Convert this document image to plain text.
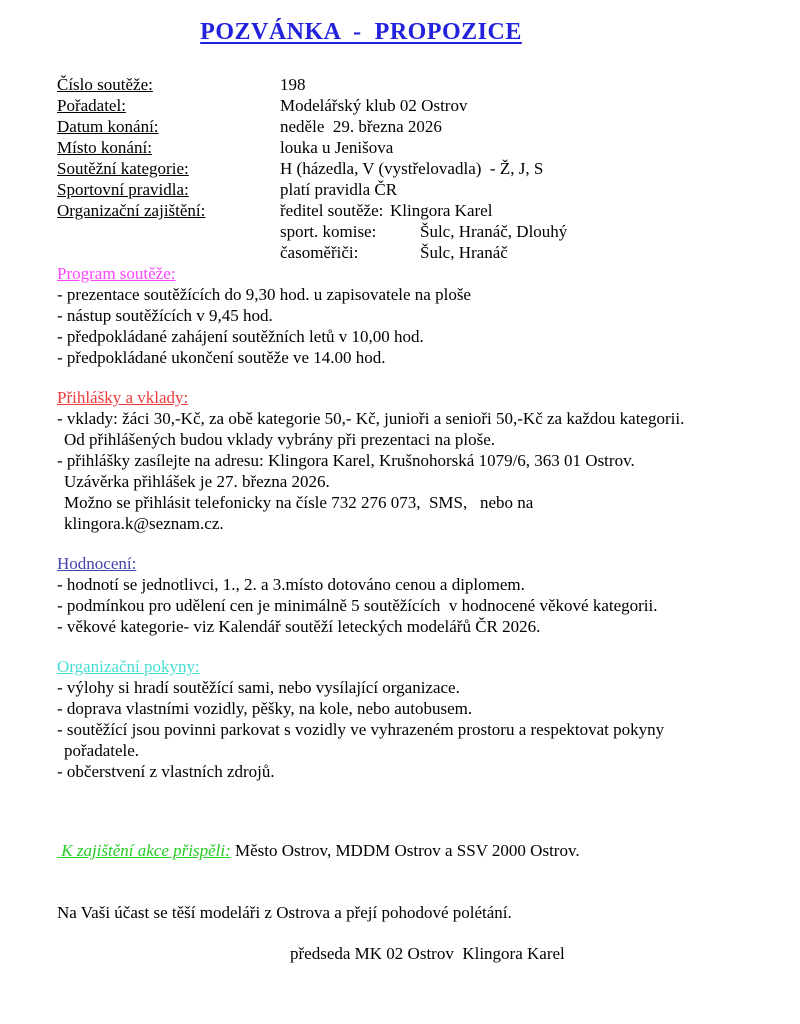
POZVÁNKA  -  PROPOZICE
Číslo soutěže:	198
Pořadatel:	Modelářský klub 02 Ostrov
Datum konání:	neděle  29. března 2026
Místo konání:	louka u Jenišova
Soutěžní kategorie:	H (házedla, V (vystřelovadla)  - Ž, J, S
Sportovní pravidla:	platí pravidla ČR
Organizační zajištění:	ředitel soutěže: Klingora Karel
sport. komise:	Šulc, Hranáč, Dlouhý
časoměřiči:	Šulc, Hranáč
Program soutěže:
- prezentace soutěžících do 9,30 hod. u zapisovatele na ploše
- nástup soutěžících v 9,45 hod.
- předpokládané zahájení soutěžních letů v 10,00 hod.
- předpokládané ukončení soutěže ve 14.00 hod.
Přihlášky a vklady:
- vklady: žáci 30,-Kč, za obě kategorie 50,- Kč, junioři a senioři 50,-Kč za každou kategorii.
Od přihlášených budou vklady vybrány při prezentaci na ploše.
- přihlášky zasílejte na adresu: Klingora Karel, Krušnohorská 1079/6, 363 01 Ostrov.
Uzávěrka přihlášek je 27. března 2026.
Možno se přihlásit telefonicky na čísle 732 276 073,  SMS,   nebo na
klingora.k@seznam.cz.
Hodnocení:
- hodnotí se jednotlivci, 1., 2. a 3.místo dotováno cenou a diplomem.
- podmínkou pro udělení cen je minimálně 5 soutěžících  v hodnocené věkové kategorii.
- věkové kategorie- viz Kalendář soutěží leteckých modelářů ČR 2026.
Organizační pokyny:
- výlohy si hradí soutěžící sami, nebo vysílající organizace.
- doprava vlastními vozidly, pěšky, na kole, nebo autobusem.
- soutěžící jsou povinni parkovat s vozidly ve vyhrazeném prostoru a respektovat pokyny
pořadatele.
- občerstvení z vlastních zdrojů.
K zajištění akce přispěli: Město Ostrov, MDDM Ostrov a SSV 2000 Ostrov.
Na Vaši účast se těší modeláři z Ostrova a přejí pohodové polétání.
předseda MK 02 Ostrov  Klingora Karel
